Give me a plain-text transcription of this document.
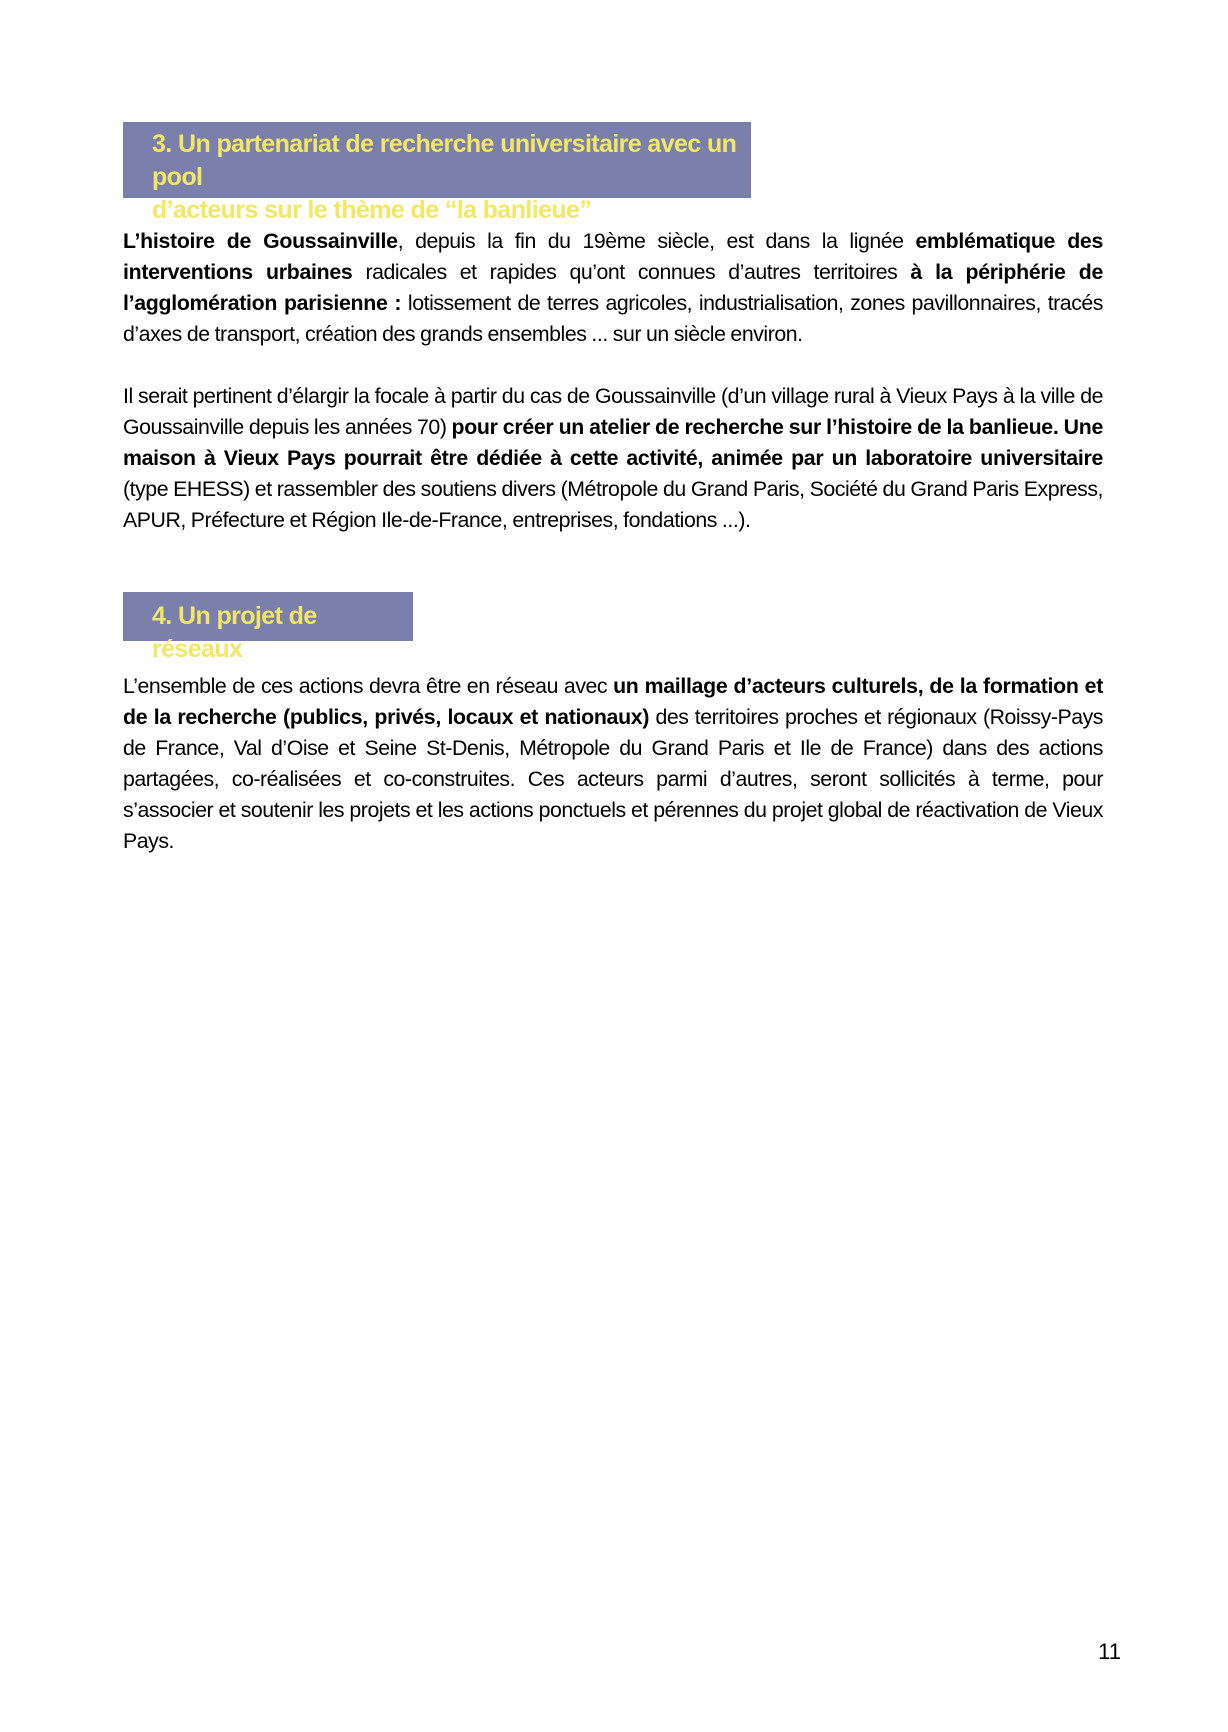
3. Un partenariat de recherche universitaire avec un pool
d’acteurs sur le thème de “la banlieue”

L’histoire de Goussainville, depuis la fin du 19ème siècle, est dans la lignée emblématique des interventions urbaines radicales et rapides qu’ont connues d’autres territoires à la périphérie de l’agglomération parisienne : lotissement de terres agricoles, industrialisation, zones pavillonnaires, tracés d’axes de transport, création des grands ensembles ... sur un siècle environ.

Il serait pertinent d’élargir la focale à partir du cas de Goussainville (d’un village rural à Vieux Pays à la ville de Goussainville depuis les années 70) pour créer un atelier de recherche sur l’histoire de la banlieue. Une maison à Vieux Pays pourrait être dédiée à cette activité, animée par un laboratoire universitaire (type EHESS) et rassembler des soutiens divers (Métropole du Grand Paris, Société du Grand Paris Express, APUR, Préfecture et Région Ile-de-France, entreprises, fondations ...).

4. Un projet de réseaux

L’ensemble de ces actions devra être en réseau avec un maillage d’acteurs culturels, de la formation et de la recherche (publics, privés, locaux et nationaux) des territoires proches et régionaux (Roissy-Pays de France, Val d’Oise et Seine St-Denis, Métropole du Grand Paris et Ile de France) dans des actions partagées, co-réalisées et co-construites. Ces acteurs parmi d’autres, seront sollicités à terme, pour s’associer et soutenir les projets et les actions ponctuels et pérennes du projet global de réactivation de Vieux Pays.

11
